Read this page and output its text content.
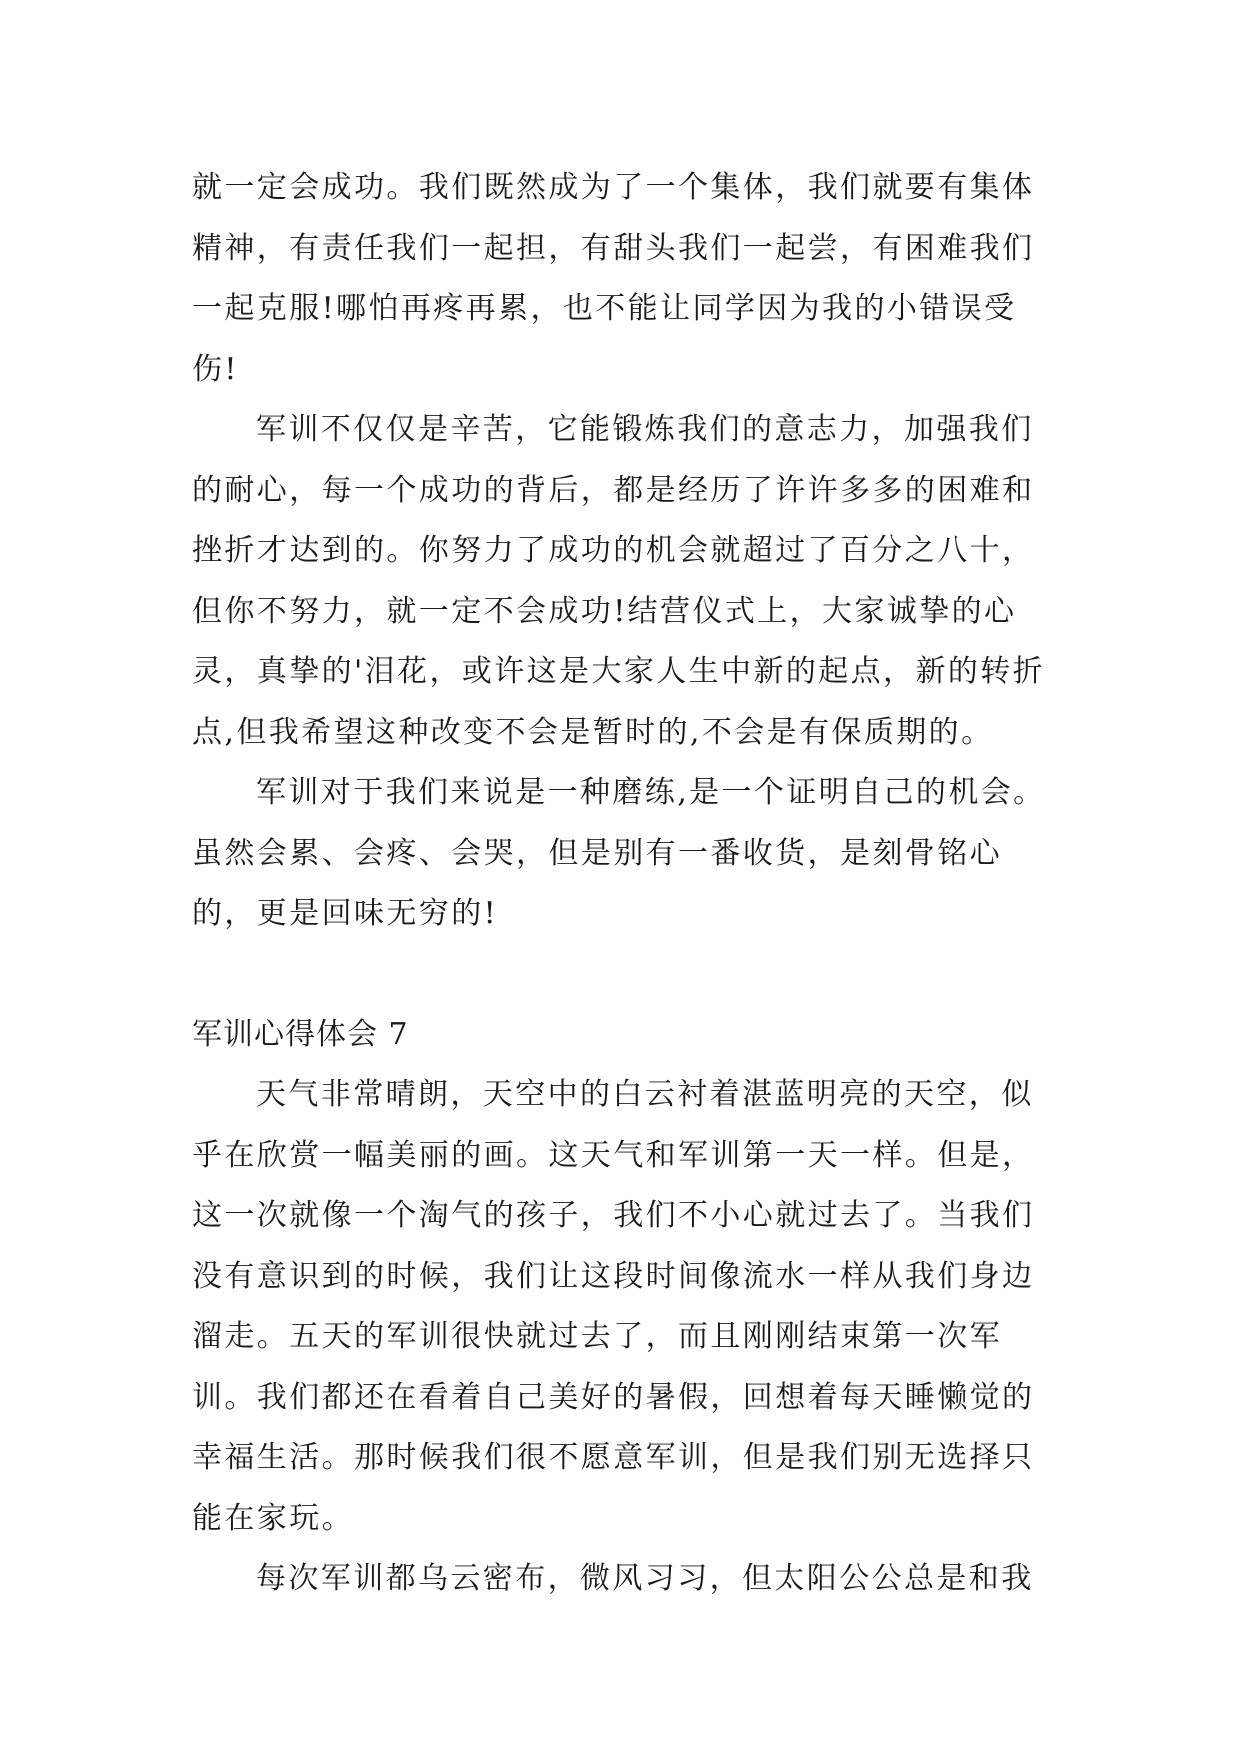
就一定会成功。我们既然成为了一个集体，我们就要有集体精神，有责任我们一起担，有甜头我们一起尝，有困难我们一起克服!哪怕再疼再累，也不能让同学因为我的小错误受伤!

军训不仅仅是辛苦，它能锻炼我们的意志力，加强我们的耐心，每一个成功的背后，都是经历了许许多多的困难和挫折才达到的。你努力了成功的机会就超过了百分之八十，但你不努力，就一定不会成功!结营仪式上，大家诚挚的心灵，真挚的'泪花，或许这是大家人生中新的起点，新的转折点,但我希望这种改变不会是暂时的,不会是有保质期的。

军训对于我们来说是一种磨练,是一个证明自己的机会。虽然会累、会疼、会哭，但是别有一番收货，是刻骨铭心的，更是回味无穷的!

军训心得体会 7

天气非常晴朗，天空中的白云衬着湛蓝明亮的天空，似乎在欣赏一幅美丽的画。这天气和军训第一天一样。但是，这一次就像一个淘气的孩子，我们不小心就过去了。当我们没有意识到的时候，我们让这段时间像流水一样从我们身边溜走。五天的军训很快就过去了，而且刚刚结束第一次军训。我们都还在看着自己美好的暑假，回想着每天睡懒觉的幸福生活。那时候我们很不愿意军训，但是我们别无选择只能在家玩。

每次军训都乌云密布，微风习习，但太阳公公总是和我
